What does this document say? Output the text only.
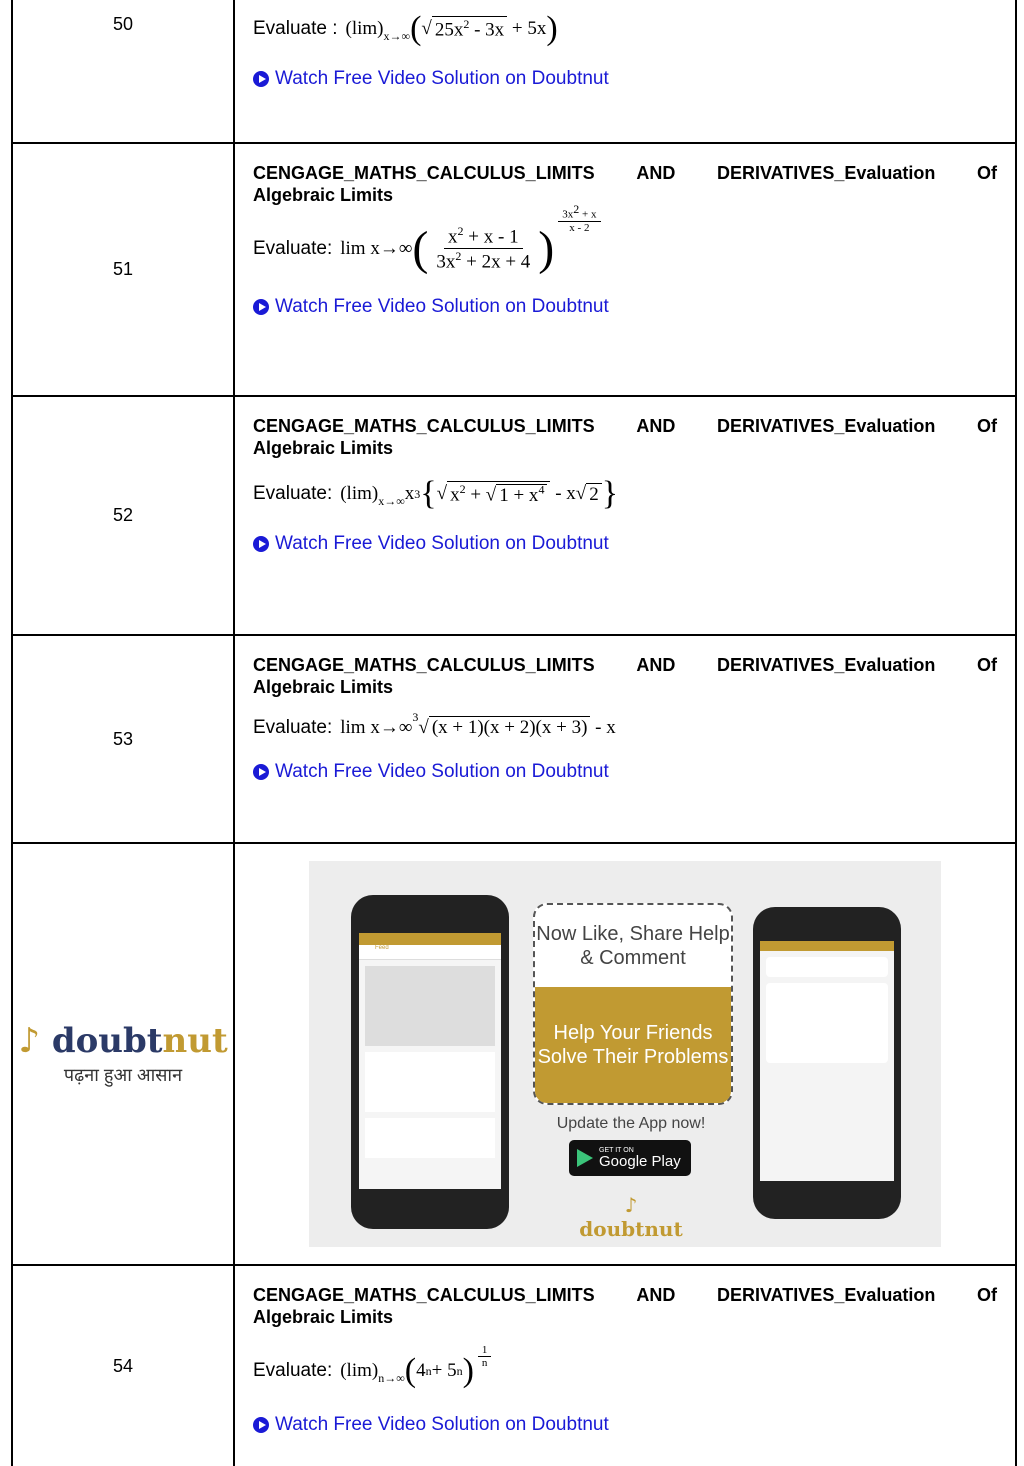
50	Evaluate : (lim) x→∞ ( √ $25x^2 - 3x + 5x$ )
Watch Free Video Solution on Doubtnut
51
CENGAGE_MATHS_CALCULUS_LIMITS AND DERIVATIVES_Evaluation Of
Algebraic Limits
Evaluate: lim x→∞ ( $\frac{x^2 + x - 1}{3x^2 + 2x + 4}$ )
$\frac{3x^2 + x}{x - 2}$
Watch Free Video Solution on Doubtnut
52
CENGAGE_MATHS_CALCULUS_LIMITS AND DERIVATIVES_Evaluation Of
Algebraic Limits
Evaluate: (lim) x→∞ $x^3$ { √ $x^2$ + √ $1 + x^4 - x√$ 2 }
Watch Free Video Solution on Doubtnut
53
CENGAGE_MATHS_CALCULUS_LIMITS AND DERIVATIVES_Evaluation Of
Algebraic Limits
Evaluate: lim x→∞ 3 √ (x + 1)(x + 2)(x + 3) - x
Watch Free Video Solution on Doubtnut
♪ doubtnut
पढ़ना हुआ आसान
Feed
Now Like, Share Help & Comment
Help Your Friends Solve Their Problems
Update the App now!
GET IT ON
Google Play
♪ doubtnut
54
CENGAGE_MATHS_CALCULUS_LIMITS AND DERIVATIVES_Evaluation Of
Algebraic Limits
Evaluate: (lim) n→∞ ( 4 n + 5 n ) $\frac{1}{n}$
Watch Free Video Solution on Doubtnut
